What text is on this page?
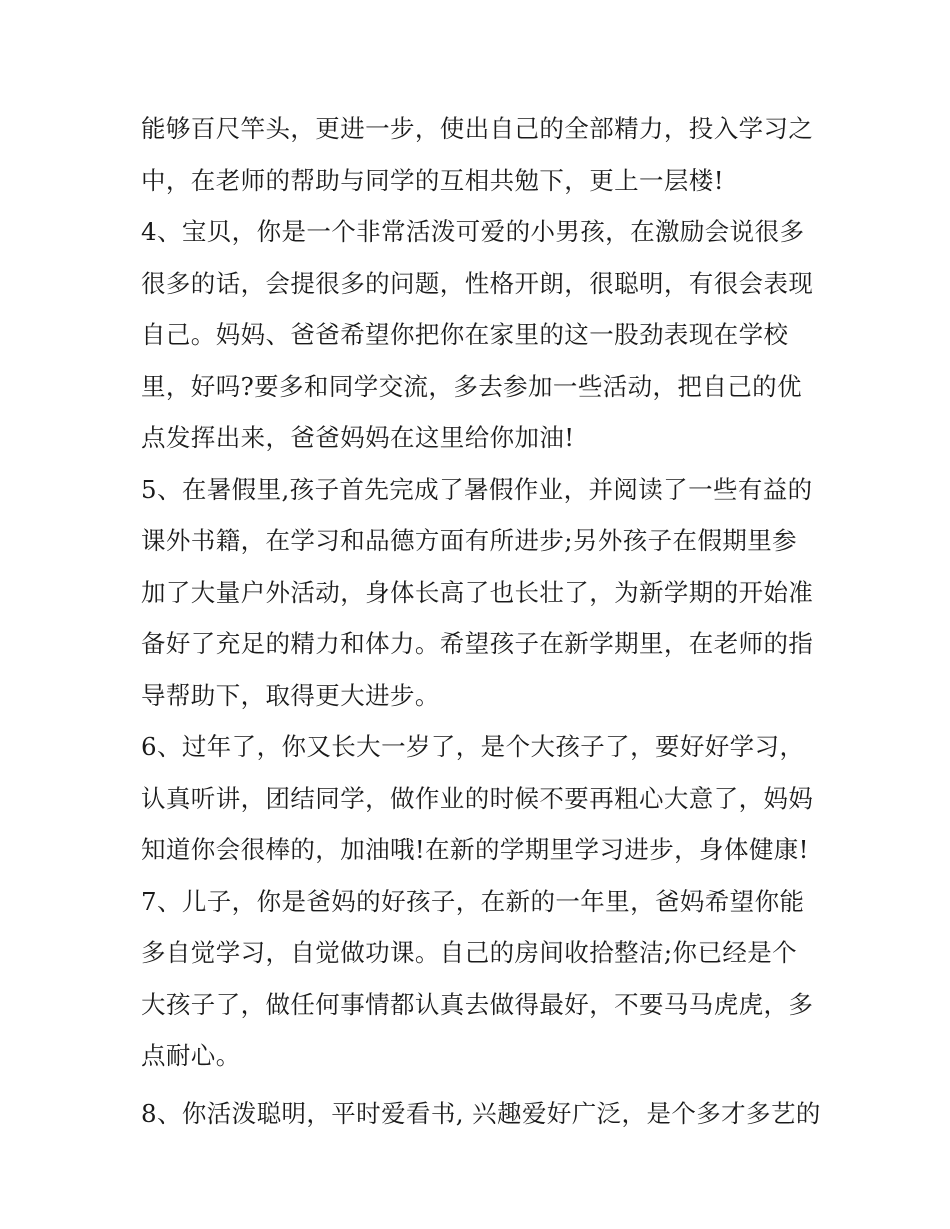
能够百尺竿头，更进一步，使出自己的全部精力，投入学习之
中，在老师的帮助与同学的互相共勉下，更上一层楼!
4、宝贝，你是一个非常活泼可爱的小男孩，在激励会说很多
很多的话，会提很多的问题，性格开朗，很聪明，有很会表现
自己。妈妈、爸爸希望你把你在家里的这一股劲表现在学校
里，好吗?要多和同学交流，多去参加一些活动，把自己的优
点发挥出来，爸爸妈妈在这里给你加油!
5、在暑假里,孩子首先完成了暑假作业，并阅读了一些有益的
课外书籍，在学习和品德方面有所进步;另外孩子在假期里参
加了大量户外活动，身体长高了也长壮了，为新学期的开始准
备好了充足的精力和体力。希望孩子在新学期里，在老师的指
导帮助下，取得更大进步。
6、过年了，你又长大一岁了，是个大孩子了，要好好学习，
认真听讲，团结同学，做作业的时候不要再粗心大意了，妈妈
知道你会很棒的，加油哦!在新的学期里学习进步，身体健康!
7、儿子，你是爸妈的好孩子，在新的一年里，爸妈希望你能
多自觉学习，自觉做功课。自己的房间收拾整洁;你已经是个
大孩子了，做任何事情都认真去做得最好，不要马马虎虎，多
点耐心。
8、你活泼聪明，平时爱看书, 兴趣爱好广泛，是个多才多艺的
